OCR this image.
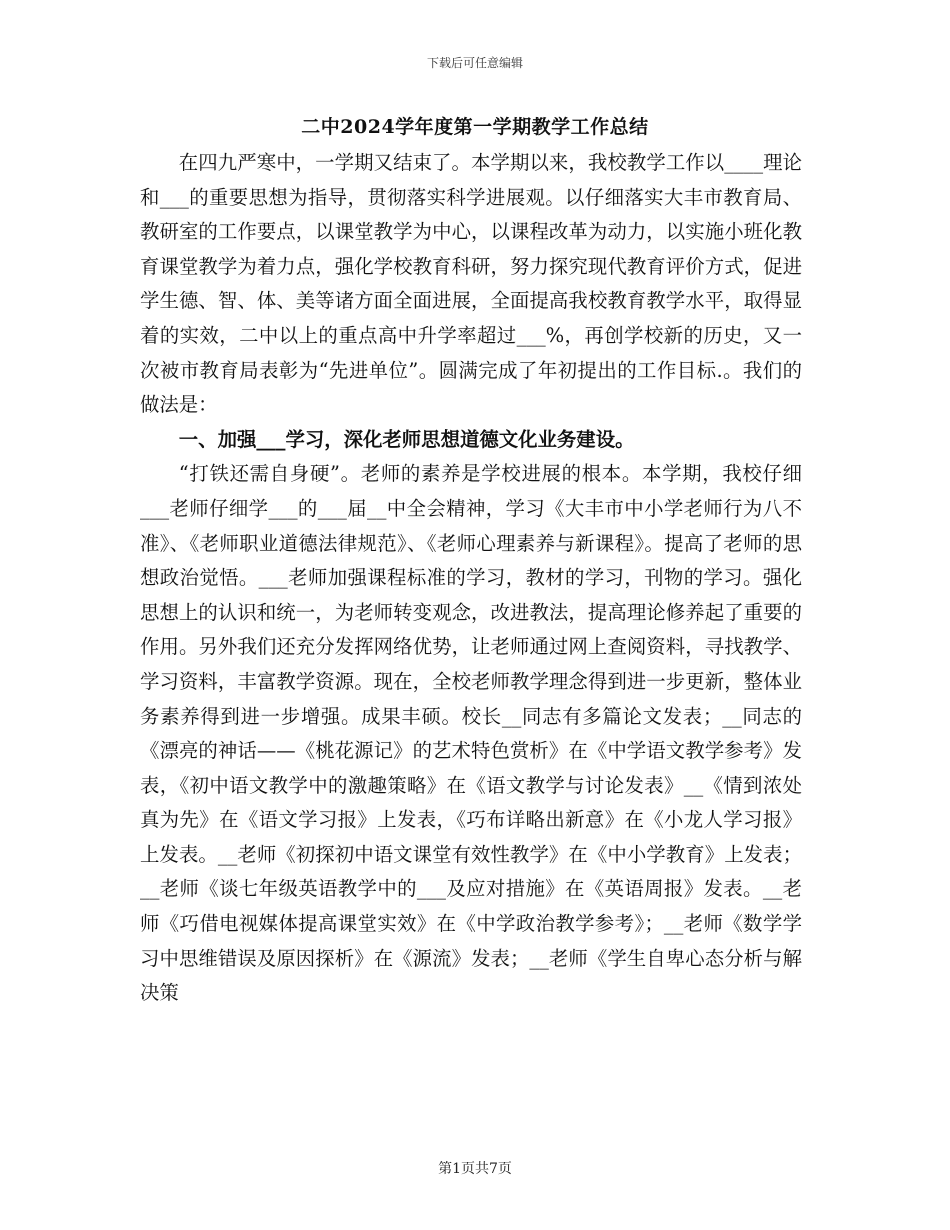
下载后可任意编辑
二中2024学年度第一学期教学工作总结

在四九严寒中，一学期又结束了。本学期以来，我校教学工作以____理论和___的重要思想为指导，贯彻落实科学进展观。以仔细落实大丰市教育局、教研室的工作要点，以课堂教学为中心，以课程改革为动力，以实施小班化教育课堂教学为着力点，强化学校教育科研，努力探究现代教育评价方式，促进学生德、智、体、美等诸方面全面进展，全面提高我校教育教学水平，取得显着的实效，二中以上的重点高中升学率超过___%，再创学校新的历史，又一次被市教育局表彰为“先进单位”。圆满完成了年初提出的工作目标.。我们的做法是：

一、加强___学习，深化老师思想道德文化业务建设。

“打铁还需自身硬”。老师的素养是学校进展的根本。本学期，我校仔细___老师仔细学___的___届__中全会精神，学习《大丰市中小学老师行为八不准》、《老师职业道德法律规范》、《老师心理素养与新课程》。提高了老师的思想政治觉悟。___老师加强课程标准的学习，教材的学习，刊物的学习。强化思想上的认识和统一，为老师转变观念，改进教法，提高理论修养起了重要的作用。另外我们还充分发挥网络优势，让老师通过网上查阅资料，寻找教学、学习资料，丰富教学资源。现在，全校老师教学理念得到进一步更新，整体业务素养得到进一步增强。成果丰硕。校长__同志有多篇论文发表；__同志的《漂亮的神话——《桃花源记》的艺术特色赏析》在《中学语文教学参考》发表，《初中语文教学中的激趣策略》在《语文教学与讨论发表》__《情到浓处真为先》在《语文学习报》上发表，《巧布详略出新意》在《小龙人学习报》上发表。__老师《初探初中语文课堂有效性教学》在《中小学教育》上发表；__老师《谈七年级英语教学中的___及应对措施》在《英语周报》发表。__老师《巧借电视媒体提高课堂实效》在《中学政治教学参考》；__老师《数学学习中思维错误及原因探析》在《源流》发表；__老师《学生自卑心态分析与解决策

第1页共7页
